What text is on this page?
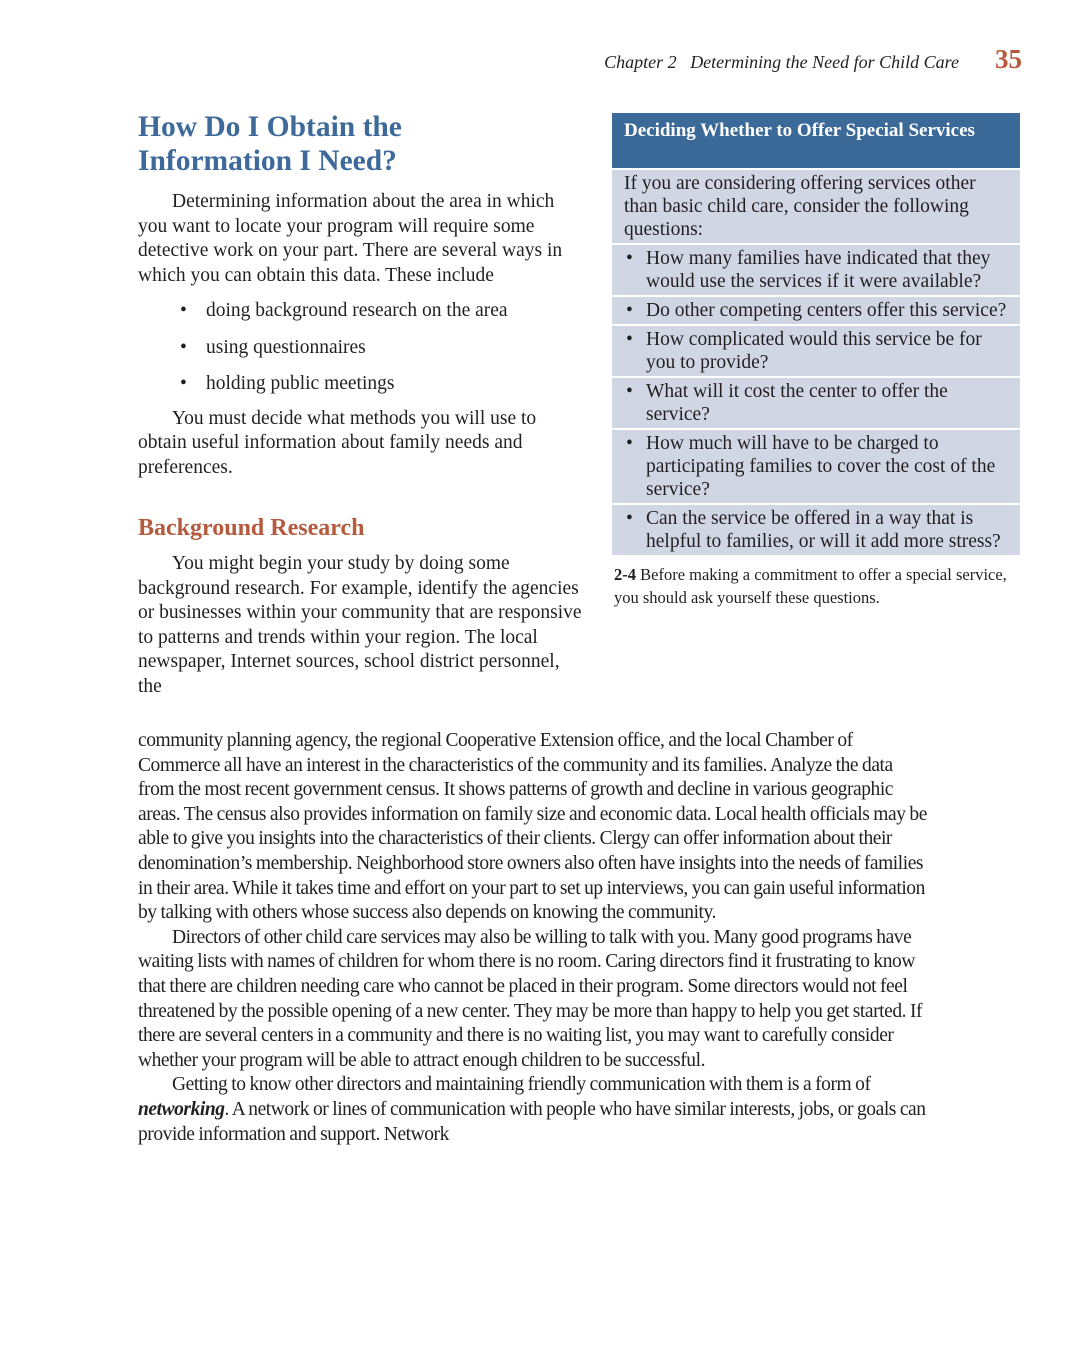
Chapter 2 Determining the Need for Child Care 35
How Do I Obtain the
Information I Need?

Determining information about the area in which you want to locate your program will require some detective work on your part. There are several ways in which you can obtain this data. These include

• doing background research on the area
• using questionnaires
• holding public meetings

You must decide what methods you will use to obtain useful information about family needs and preferences.

Background Research

You might begin your study by doing some background research. For example, identify the agencies or businesses within your community that are responsive to patterns and trends within your region. The local newspaper, Internet sources, school district personnel, the

Deciding Whether to Offer Special Services
If you are considering offering services other than basic child care, consider the following questions:
• How many families have indicated that they would use the services if it were available?
• Do other competing centers offer this service?
• How complicated would this service be for you to provide?
• What will it cost the center to offer the service?
• How much will have to be charged to participating families to cover the cost of the service?
• Can the service be offered in a way that is helpful to families, or will it add more stress?
2-4 Before making a commitment to offer a special service, you should ask yourself these questions.

community planning agency, the regional Cooperative Extension office, and the local Chamber of Commerce all have an interest in the characteristics of the community and its families. Analyze the data from the most recent government census. It shows patterns of growth and decline in various geographic areas. The census also provides information on family size and economic data. Local health officials may be able to give you insights into the characteristics of their clients. Clergy can offer information about their denomination’s membership. Neighborhood store owners also often have insights into the needs of families in their area. While it takes time and effort on your part to set up interviews, you can gain useful information by talking with others whose success also depends on knowing the community.

Directors of other child care services may also be willing to talk with you. Many good programs have waiting lists with names of children for whom there is no room. Caring directors find it frustrating to know that there are children needing care who cannot be placed in their program. Some directors would not feel threatened by the possible opening of a new center. They may be more than happy to help you get started. If there are several centers in a community and there is no waiting list, you may want to carefully consider whether your program will be able to attract enough children to be successful.

Getting to know other directors and maintaining friendly communication with them is a form of networking. A network or lines of communication with people who have similar interests, jobs, or goals can provide information and support. Network
